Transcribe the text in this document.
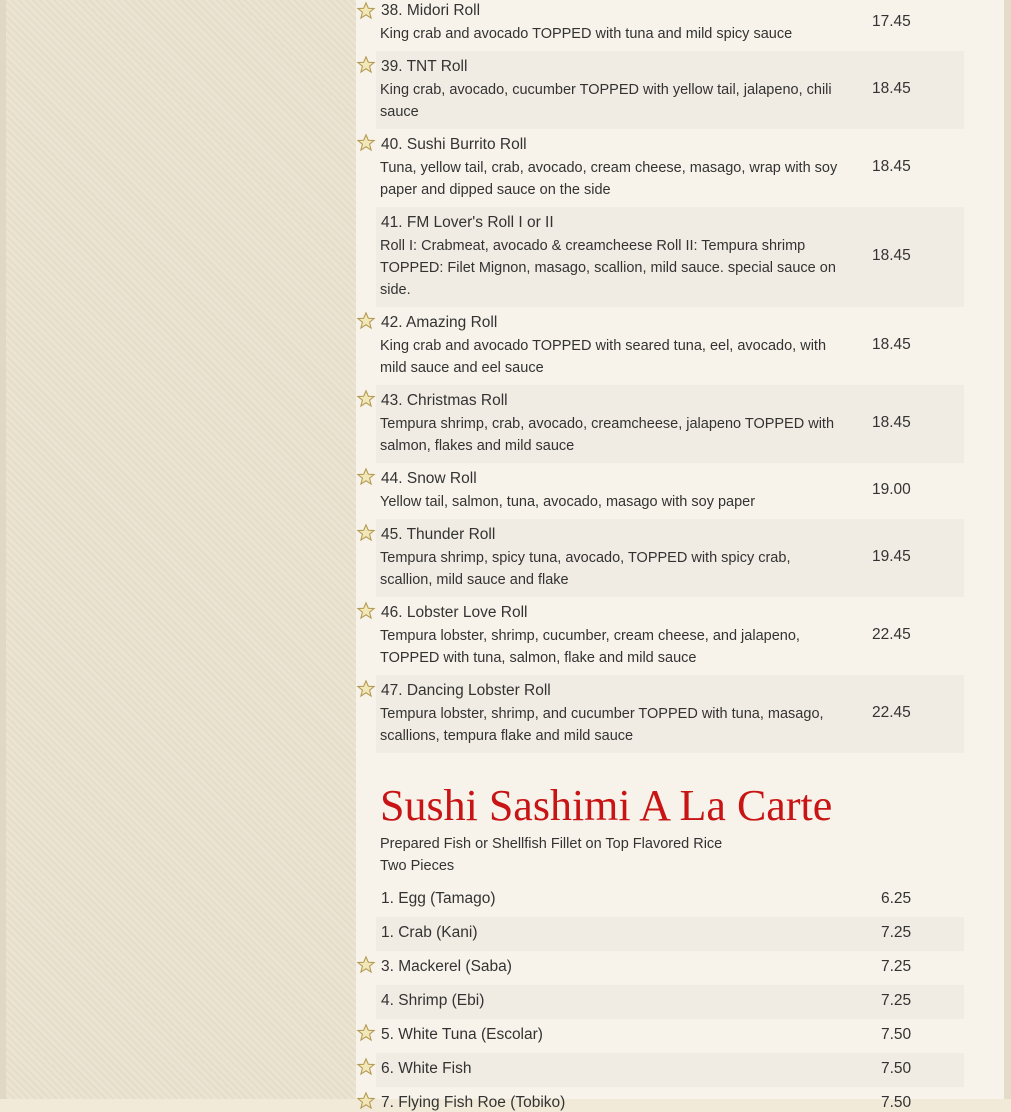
38. Midori Roll
King crab and avocado TOPPED with tuna and mild spicy sauce
17.45
39. TNT Roll
King crab, avocado, cucumber TOPPED with yellow tail, jalapeno, chili sauce
18.45
40. Sushi Burrito Roll
Tuna, yellow tail, crab, avocado, cream cheese, masago, wrap with soy paper and dipped sauce on the side
18.45
41. FM Lover's Roll I or II
Roll I: Crabmeat, avocado & creamcheese Roll II: Tempura shrimp TOPPED: Filet Mignon, masago, scallion, mild sauce. special sauce on side.
18.45
42. Amazing Roll
King crab and avocado TOPPED with seared tuna, eel, avocado, with mild sauce and eel sauce
18.45
43. Christmas Roll
Tempura shrimp, crab, avocado, creamcheese, jalapeno TOPPED with salmon, flakes and mild sauce
18.45
44. Snow Roll
Yellow tail, salmon, tuna, avocado, masago with soy paper
19.00
45. Thunder Roll
Tempura shrimp, spicy tuna, avocado, TOPPED with spicy crab, scallion, mild sauce and flake
19.45
46. Lobster Love Roll
Tempura lobster, shrimp, cucumber, cream cheese, and jalapeno, TOPPED with tuna, salmon, flake and mild sauce
22.45
47. Dancing Lobster Roll
Tempura lobster, shrimp, and cucumber TOPPED with tuna, masago, scallions, tempura flake and mild sauce
22.45
Sushi Sashimi A La Carte
Prepared Fish or Shellfish Fillet on Top Flavored Rice
Two Pieces
1. Egg (Tamago)	6.25
1. Crab (Kani)	7.25
3. Mackerel (Saba)	7.25
4. Shrimp (Ebi)	7.25
5. White Tuna (Escolar)	7.50
6. White Fish	7.50
7. Flying Fish Roe (Tobiko)	7.50
